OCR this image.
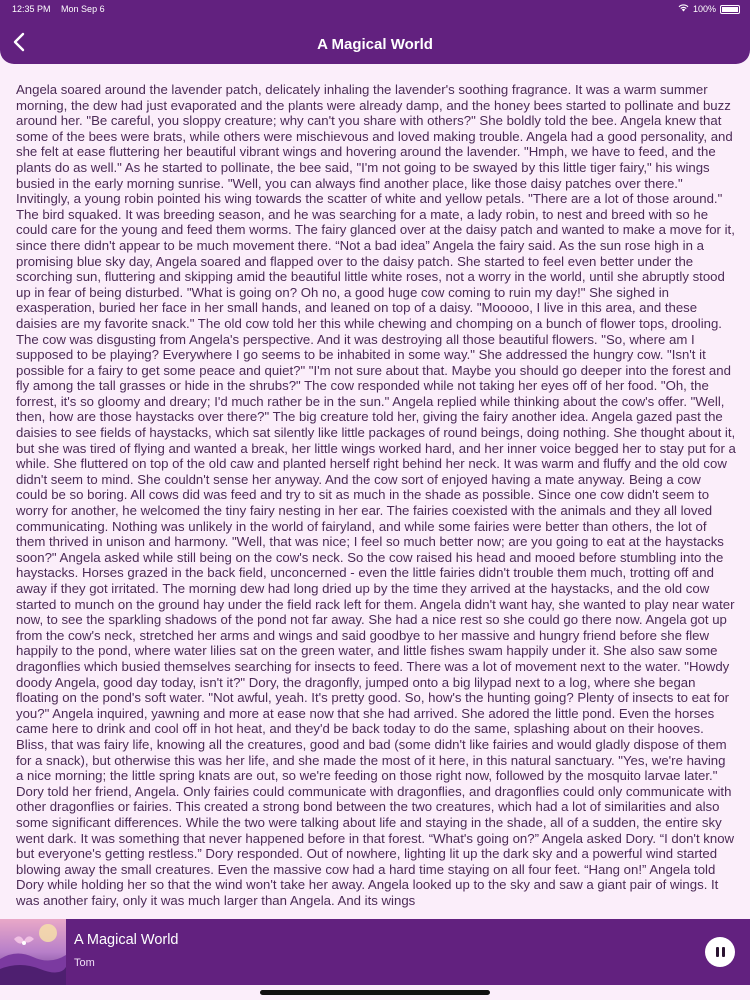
12:35 PM Mon Sep 6	100%
A Magical World

Angela soared around the lavender patch, delicately inhaling the lavender's soothing fragrance. It was a warm summer morning, the dew had just evaporated and the plants were already damp, and the honey bees started to pollinate and buzz around her. "Be careful, you sloppy creature; why can't you share with others?" She boldly told the bee. Angela knew that some of the bees were brats, while others were mischievous and loved making trouble. Angela had a good personality, and she felt at ease fluttering her beautiful vibrant wings and hovering around the lavender. "Hmph, we have to feed, and the plants do as well." As he started to pollinate, the bee said, "I'm not going to be swayed by this little tiger fairy," his wings busied in the early morning sunrise. "Well, you can always find another place, like those daisy patches over there." Invitingly, a young robin pointed his wing towards the scatter of white and yellow petals. "There are a lot of those around." The bird squaked. It was breeding season, and he was searching for a mate, a lady robin, to nest and breed with so he could care for the young and feed them worms. The fairy glanced over at the daisy patch and wanted to make a move for it, since there didn't appear to be much movement there. “Not a bad idea” Angela the fairy said. As the sun rose high in a promising blue sky day, Angela soared and flapped over to the daisy patch. She started to feel even better under the scorching sun, fluttering and skipping amid the beautiful little white roses, not a worry in the world, until she abruptly stood up in fear of being disturbed. "What is going on? Oh no, a good huge cow coming to ruin my day!" She sighed in exasperation, buried her face in her small hands, and leaned on top of a daisy. "Mooooo, I live in this area, and these daisies are my favorite snack." The old cow told her this while chewing and chomping on a bunch of flower tops, drooling. The cow was disgusting from Angela's perspective. And it was destroying all those beautiful flowers. "So, where am I supposed to be playing? Everywhere I go seems to be inhabited in some way." She addressed the hungry cow. "Isn't it possible for a fairy to get some peace and quiet?" "I'm not sure about that. Maybe you should go deeper into the forest and fly among the tall grasses or hide in the shrubs?" The cow responded while not taking her eyes off of her food. "Oh, the forrest, it's so gloomy and dreary; I'd much rather be in the sun." Angela replied while thinking about the cow's offer. "Well, then, how are those haystacks over there?" The big creature told her, giving the fairy another idea. Angela gazed past the daisies to see fields of haystacks, which sat silently like little packages of round beings, doing nothing. She thought about it, but she was tired of flying and wanted a break, her little wings worked hard, and her inner voice begged her to stay put for a while. She fluttered on top of the old caw and planted herself right behind her neck. It was warm and fluffy and the old cow didn't seem to mind. She couldn't sense her anyway. And the cow sort of enjoyed having a mate anyway. Being a cow could be so boring. All cows did was feed and try to sit as much in the shade as possible. Since one cow didn't seem to worry for another, he welcomed the tiny fairy nesting in her ear. The fairies coexisted with the animals and they all loved communicating. Nothing was unlikely in the world of fairyland, and while some fairies were better than others, the lot of them thrived in unison and harmony. "Well, that was nice; I feel so much better now; are you going to eat at the haystacks soon?" Angela asked while still being on the cow's neck. So the cow raised his head and mooed before stumbling into the haystacks. Horses grazed in the back field, unconcerned - even the little fairies didn't trouble them much, trotting off and away if they got irritated. The morning dew had long dried up by the time they arrived at the haystacks, and the old cow started to munch on the ground hay under the field rack left for them. Angela didn't want hay, she wanted to play near water now, to see the sparkling shadows of the pond not far away. She had a nice rest so she could go there now. Angela got up from the cow's neck, stretched her arms and wings and said goodbye to her massive and hungry friend before she flew happily to the pond, where water lilies sat on the green water, and little fishes swam happily under it. She also saw some dragonflies which busied themselves searching for insects to feed. There was a lot of movement next to the water. "Howdy doody Angela, good day today, isn't it?" Dory, the dragonfly, jumped onto a big lilypad next to a log, where she began floating on the pond's soft water. "Not awful, yeah. It's pretty good. So, how's the hunting going? Plenty of insects to eat for you?" Angela inquired, yawning and more at ease now that she had arrived. She adored the little pond. Even the horses came here to drink and cool off in hot heat, and they'd be back today to do the same, splashing about on their hooves. Bliss, that was fairy life, knowing all the creatures, good and bad (some didn't like fairies and would gladly dispose of them for a snack), but otherwise this was her life, and she made the most of it here, in this natural sanctuary. "Yes, we're having a nice morning; the little spring knats are out, so we're feeding on those right now, followed by the mosquito larvae later." Dory told her friend, Angela. Only fairies could communicate with dragonflies, and dragonflies could only communicate with other dragonflies or fairies. This created a strong bond between the two creatures, which had a lot of similarities and also some significant differences. While the two were talking about life and staying in the shade, all of a sudden, the entire sky went dark. It was something that never happened before in that forest. “What's going on?” Angela asked Dory. “I don't know but everyone's getting restless.” Dory responded. Out of nowhere, lighting lit up the dark sky and a powerful wind started blowing away the small creatures. Even the massive cow had a hard time staying on all four feet. “Hang on!” Angela told Dory while holding her so that the wind won't take her away. Angela looked up to the sky and saw a giant pair of wings. It was another fairy, only it was much larger than Angela. And its wings

A Magical World
Tom
